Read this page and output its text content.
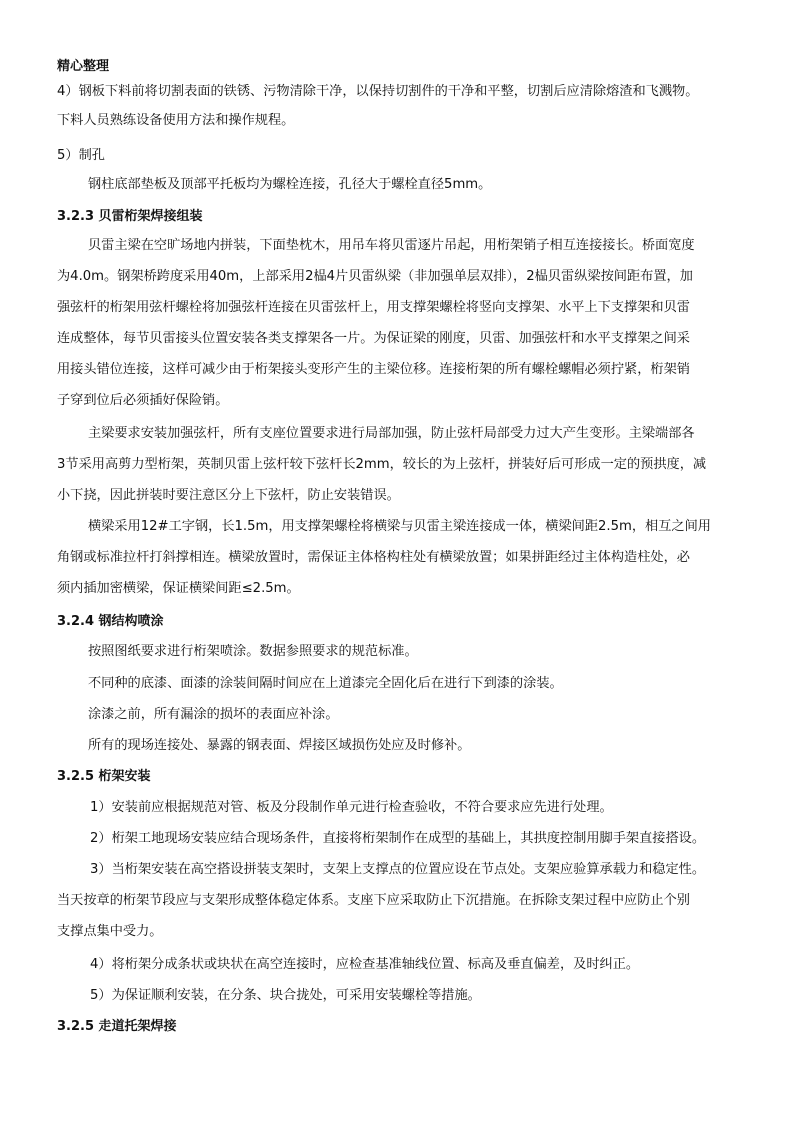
精心整理
4）钢板下料前将切割表面的铁锈、污物清除干净，以保持切割件的干净和平整，切割后应清除熔渣和飞溅物。
下料人员熟练设备使用方法和操作规程。
5）制孔
钢柱底部垫板及顶部平托板均为螺栓连接，孔径大于螺栓直径5mm。
3.2.3 贝雷桁架焊接组装
贝雷主梁在空旷场地内拼装，下面垫枕木，用吊车将贝雷逐片吊起，用桁架销子相互连接接长。桥面宽度
为4.0m。钢架桥跨度采用40m，上部采用2榀4片贝雷纵梁（非加强单层双排），2榀贝雷纵梁按间距布置，加
强弦杆的桁架用弦杆螺栓将加强弦杆连接在贝雷弦杆上，用支撑架螺栓将竖向支撑架、水平上下支撑架和贝雷
连成整体，每节贝雷接头位置安装各类支撑架各一片。为保证梁的刚度，贝雷、加强弦杆和水平支撑架之间采
用接头错位连接，这样可减少由于桁架接头变形产生的主梁位移。连接桁架的所有螺栓螺帽必须拧紧，桁架销
子穿到位后必须插好保险销。
主梁要求安装加强弦杆，所有支座位置要求进行局部加强，防止弦杆局部受力过大产生变形。主梁端部各
3节采用高剪力型桁架，英制贝雷上弦杆较下弦杆长2mm，较长的为上弦杆，拼装好后可形成一定的预拱度，减
小下挠，因此拼装时要注意区分上下弦杆，防止安装错误。
横梁采用12#工字钢，长1.5m，用支撑架螺栓将横梁与贝雷主梁连接成一体，横梁间距2.5m，相互之间用
角钢或标准拉杆打斜撑相连。横梁放置时，需保证主体格构柱处有横梁放置；如果拼距经过主体构造柱处，必
须内插加密横梁，保证横梁间距≤2.5m。
3.2.4 钢结构喷涂
按照图纸要求进行桁架喷涂。数据参照要求的规范标准。
不同种的底漆、面漆的涂装间隔时间应在上道漆完全固化后在进行下到漆的涂装。
涂漆之前，所有漏涂的损坏的表面应补涂。
所有的现场连接处、暴露的钢表面、焊接区域损伤处应及时修补。
3.2.5 桁架安装
1）安装前应根据规范对管、板及分段制作单元进行检查验收，不符合要求应先进行处理。
2）桁架工地现场安装应结合现场条件，直接将桁架制作在成型的基础上，其拱度控制用脚手架直接搭设。
3）当桁架安装在高空搭设拼装支架时，支架上支撑点的位置应设在节点处。支架应验算承载力和稳定性。
当天按章的桁架节段应与支架形成整体稳定体系。支座下应采取防止下沉措施。在拆除支架过程中应防止个别
支撑点集中受力。
4）将桁架分成条状或块状在高空连接时，应检查基准轴线位置、标高及垂直偏差，及时纠正。
5）为保证顺利安装，在分条、块合拢处，可采用安装螺栓等措施。
3.2.5 走道托架焊接
